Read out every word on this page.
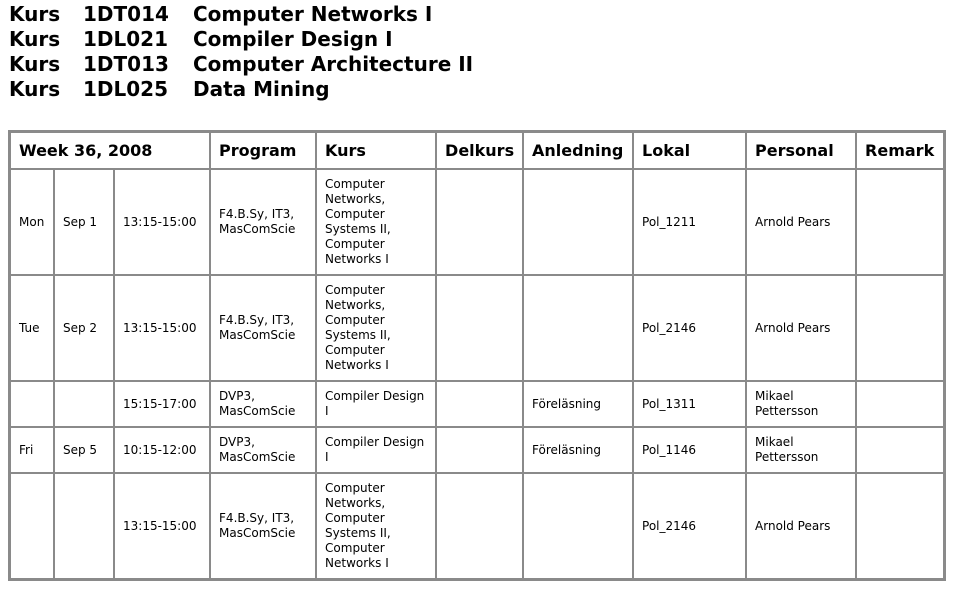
Kurs	1DT014	Computer Networks I
Kurs	1DL021	Compiler Design I
Kurs	1DT013	Computer Architecture II
Kurs	1DL025	Data Mining
Week 36, 2008			Program	Kurs	Delkurs	Anledning	Lokal	Personal	Remark
Mon	Sep 1	13:15-15:00	F4.B.Sy, IT3, MasComScie	Computer Networks, Computer Systems II, Computer Networks I			Pol_1211	Arnold Pears	
Tue	Sep 2	13:15-15:00	F4.B.Sy, IT3, MasComScie	Computer Networks, Computer Systems II, Computer Networks I			Pol_2146	Arnold Pears	
		15:15-17:00	DVP3, MasComScie	Compiler Design I		Föreläsning	Pol_1311	Mikael Pettersson	
Fri	Sep 5	10:15-12:00	DVP3, MasComScie	Compiler Design I		Föreläsning	Pol_1146	Mikael Pettersson	
		13:15-15:00	F4.B.Sy, IT3, MasComScie	Computer Networks, Computer Systems II, Computer Networks I			Pol_2146	Arnold Pears	
